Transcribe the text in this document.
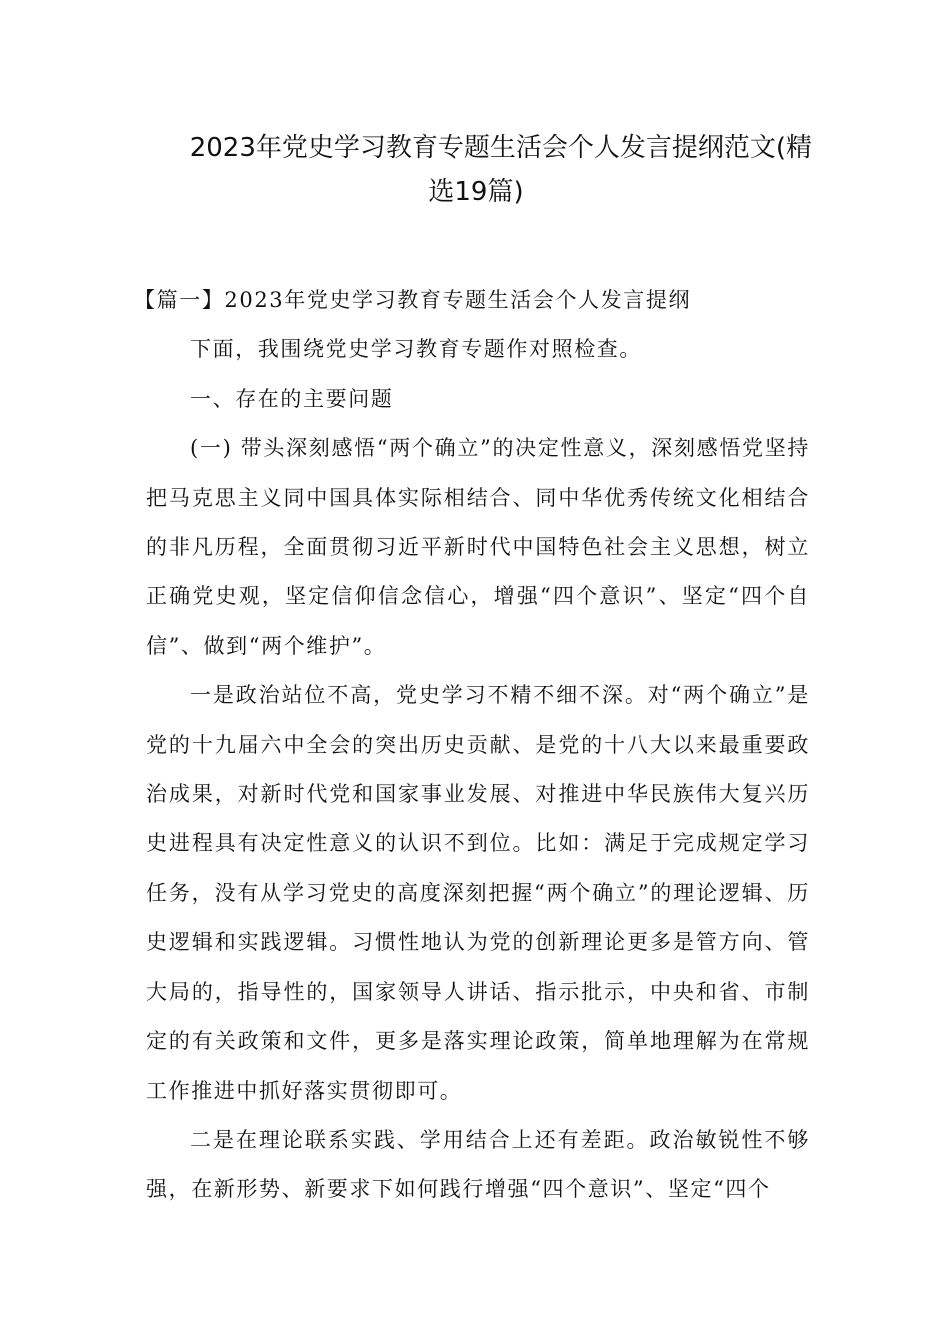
2023年党史学习教育专题生活会个人发言提纲范文(精
选19篇)

【篇一】2023年党史学习教育专题生活会个人发言提纲

下面，我围绕党史学习教育专题作对照检查。

一、存在的主要问题

(一) 带头深刻感悟“两个确立”的决定性意义，深刻感悟党坚持把马克思主义同中国具体实际相结合、同中华优秀传统文化相结合的非凡历程，全面贯彻习近平新时代中国特色社会主义思想，树立正确党史观，坚定信仰信念信心，增强“四个意识”、坚定“四个自信”、做到“两个维护”。

一是政治站位不高，党史学习不精不细不深。对“两个确立”是党的十九届六中全会的突出历史贡献、是党的十八大以来最重要政治成果，对新时代党和国家事业发展、对推进中华民族伟大复兴历史进程具有决定性意义的认识不到位。比如：满足于完成规定学习任务，没有从学习党史的高度深刻把握“两个确立”的理论逻辑、历史逻辑和实践逻辑。习惯性地认为党的创新理论更多是管方向、管大局的，指导性的，国家领导人讲话、指示批示，中央和省、市制定的有关政策和文件，更多是落实理论政策，简单地理解为在常规工作推进中抓好落实贯彻即可。

二是在理论联系实践、学用结合上还有差距。政治敏锐性不够强，在新形势、新要求下如何践行增强“四个意识”、坚定“四个
